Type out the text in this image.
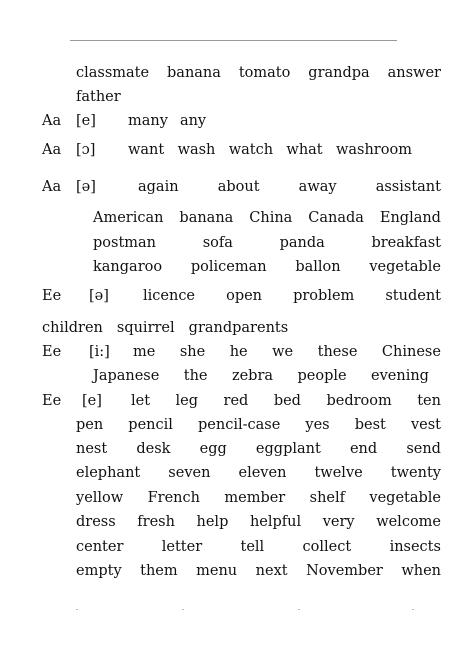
classmate banana tomato grandpa answer
father
Aa [e] many any
Aa [ɔ] want wash watch what washroom
Aa [ə]	again	about	away	assistant
American banana China Canada England
postman	sofa	panda	breakfast
kangaroo policeman ballon vegetable
Ee [ə] licence open problem student
children squirrel grandparents
Ee [i:] me she he we these Chinese
Japanese the zebra people evening
Ee [e] let leg red bed bedroom ten
pen pencil pencil-case yes best vest
nest desk egg eggplant end send
elephant seven eleven twelve twenty
yellow French member shelf vegetable
dress fresh help helpful very welcome
center	letter	tell	collect	insects
empty them menu next November when
